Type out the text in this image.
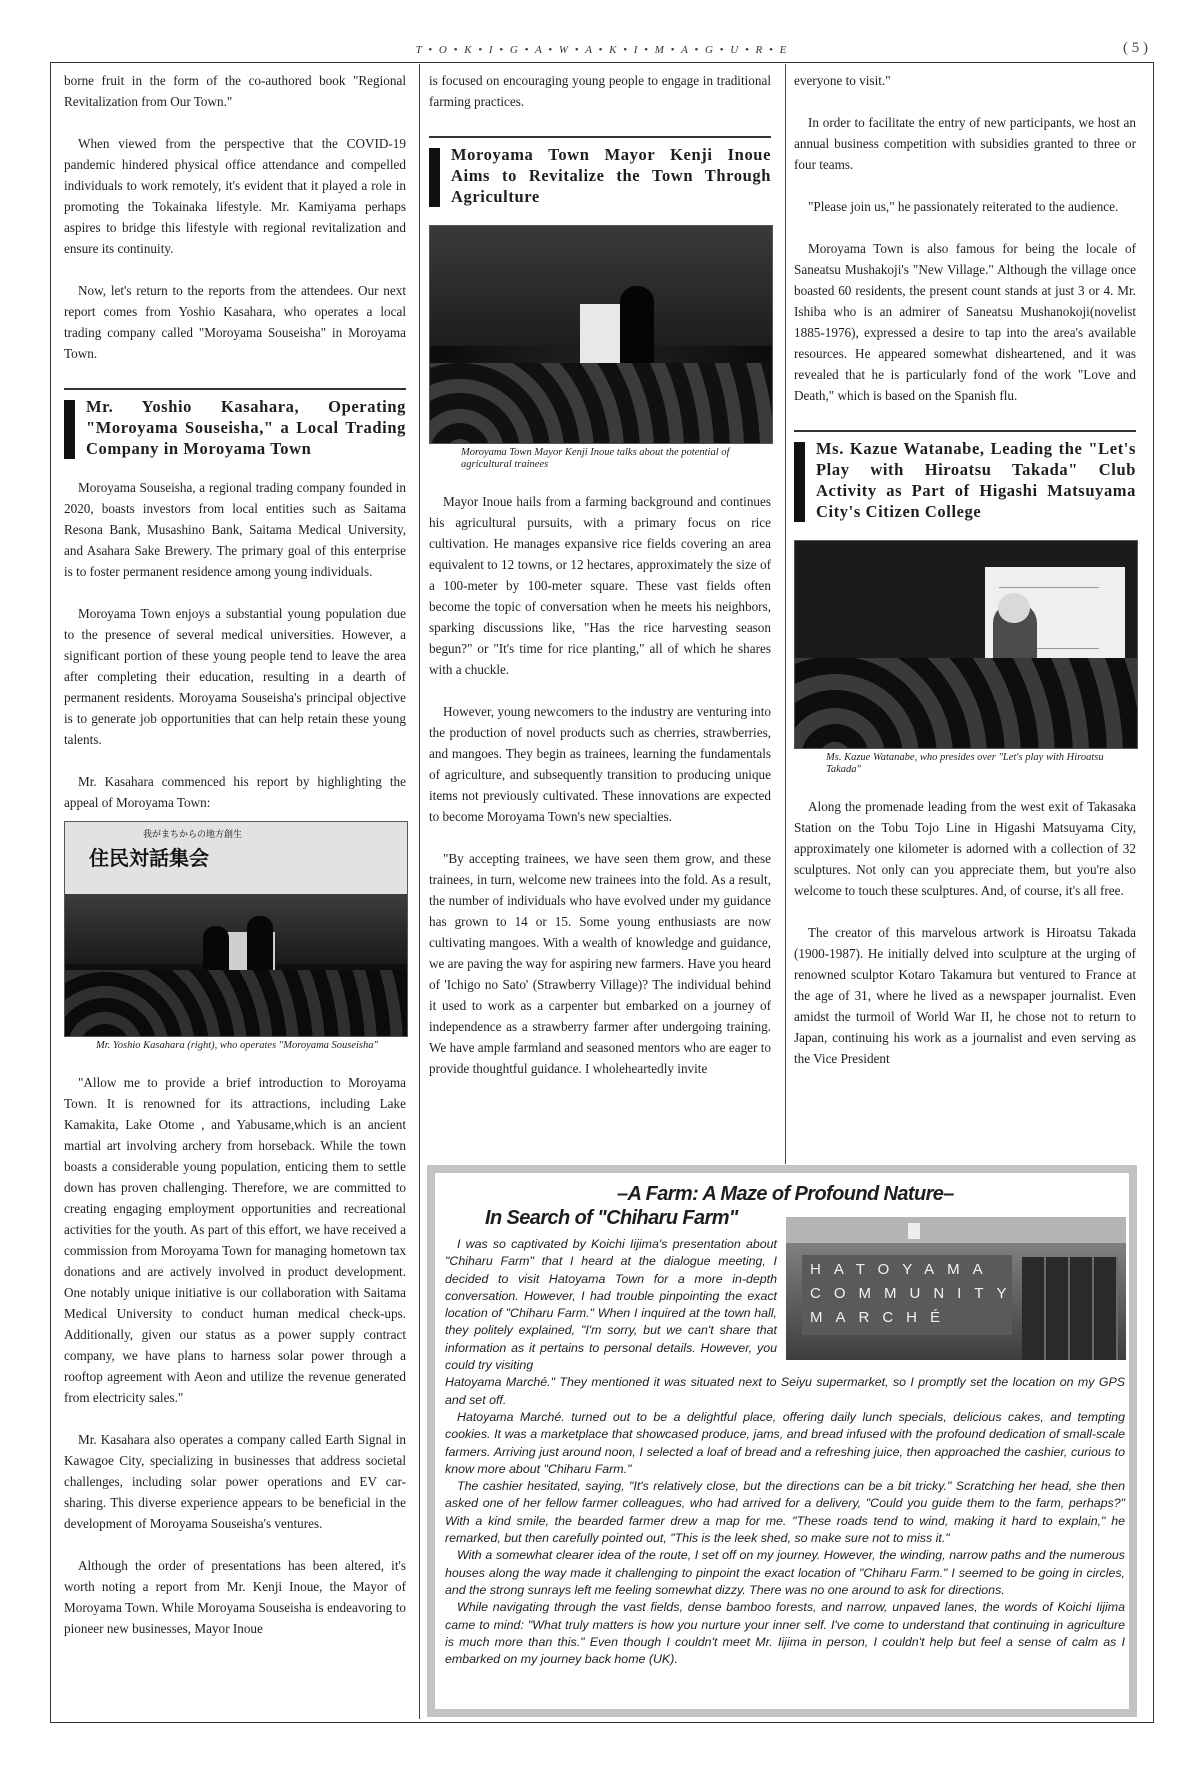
T • O • K • I • G • A • W • A • K • I • M • A • G • U • R • E	( 5 )

borne fruit in the form of the co-authored book "Regional Revitalization from Our Town."

When viewed from the perspective that the COVID-19 pandemic hindered physical office attendance and compelled individuals to work remotely, it's evident that it played a role in promoting the Tokainaka lifestyle. Mr. Kamiyama perhaps aspires to bridge this lifestyle with regional revitalization and ensure its continuity.

Now, let's return to the reports from the attendees. Our next report comes from Yoshio Kasahara, who operates a local trading company called "Moroyama Souseisha" in Moroyama Town.

Mr. Yoshio Kasahara, Operating "Moroyama Souseisha," a Local Trading Company in Moroyama Town

Moroyama Souseisha, a regional trading company founded in 2020, boasts investors from local entities such as Saitama Resona Bank, Musashino Bank, Saitama Medical University, and Asahara Sake Brewery. The primary goal of this enterprise is to foster permanent residence among young individuals.

Moroyama Town enjoys a substantial young population due to the presence of several medical universities. However, a significant portion of these young people tend to leave the area after completing their education, resulting in a dearth of permanent residents. Moroyama Souseisha's principal objective is to generate job opportunities that can help retain these young talents.

Mr. Kasahara commenced his report by highlighting the appeal of Moroyama Town:

我がまちからの地方創生
住民対話集会
Mr. Yoshio Kasahara (right), who operates "Moroyama Souseisha"

"Allow me to provide a brief introduction to Moroyama Town. It is renowned for its attractions, including Lake Kamakita, Lake Otome , and Yabusame,which is an ancient martial art involving archery from horseback. While the town boasts a considerable young population, enticing them to settle down has proven challenging. Therefore, we are committed to creating engaging employment opportunities and recreational activities for the youth. As part of this effort, we have received a commission from Moroyama Town for managing hometown tax donations and are actively involved in product development. One notably unique initiative is our collaboration with Saitama Medical University to conduct human medical check-ups. Additionally, given our status as a power supply contract company, we have plans to harness solar power through a rooftop agreement with Aeon and utilize the revenue generated from electricity sales."

Mr. Kasahara also operates a company called Earth Signal in Kawagoe City, specializing in businesses that address societal challenges, including solar power operations and EV car-sharing. This diverse experience appears to be beneficial in the development of Moroyama Souseisha's ventures.

Although the order of presentations has been altered, it's worth noting a report from Mr. Kenji Inoue, the Mayor of Moroyama Town. While Moroyama Souseisha is endeavoring to pioneer new businesses, Mayor Inoue

is focused on encouraging young people to engage in traditional farming practices.

Moroyama Town Mayor Kenji Inoue Aims to Revitalize the Town Through Agriculture
Moroyama Town Mayor Kenji Inoue talks about the potential of agricultural trainees

Mayor Inoue hails from a farming background and continues his agricultural pursuits, with a primary focus on rice cultivation. He manages expansive rice fields covering an area equivalent to 12 towns, or 12 hectares, approximately the size of a 100-meter by 100-meter square. These vast fields often become the topic of conversation when he meets his neighbors, sparking discussions like, "Has the rice harvesting season begun?" or "It's time for rice planting," all of which he shares with a chuckle.

However, young newcomers to the industry are venturing into the production of novel products such as cherries, strawberries, and mangoes. They begin as trainees, learning the fundamentals of agriculture, and subsequently transition to producing unique items not previously cultivated. These innovations are expected to become Moroyama Town's new specialties.

"By accepting trainees, we have seen them grow, and these trainees, in turn, welcome new trainees into the fold. As a result, the number of individuals who have evolved under my guidance has grown to 14 or 15. Some young enthusiasts are now cultivating mangoes. With a wealth of knowledge and guidance, we are paving the way for aspiring new farmers. Have you heard of 'Ichigo no Sato' (Strawberry Village)? The individual behind it used to work as a carpenter but embarked on a journey of independence as a strawberry farmer after undergoing training. We have ample farmland and seasoned mentors who are eager to provide thoughtful guidance. I wholeheartedly invite

everyone to visit."

In order to facilitate the entry of new participants, we host an annual business competition with subsidies granted to three or four teams.

"Please join us," he passionately reiterated to the audience.

Moroyama Town is also famous for being the locale of Saneatsu Mushakoji's "New Village." Although the village once boasted 60 residents, the present count stands at just 3 or 4. Mr. Ishiba who is an admirer of Saneatsu Mushanokoji(novelist 1885-1976), expressed a desire to tap into the area's available resources. He appeared somewhat disheartened, and it was revealed that he is particularly fond of the work "Love and Death," which is based on the Spanish flu.

Ms. Kazue Watanabe, Leading the "Let's Play with Hiroatsu Takada" Club Activity as Part of Higashi Matsuyama City's Citizen College
Ms. Kazue Watanabe, who presides over "Let's play with Hiroatsu Takada"

Along the promenade leading from the west exit of Takasaka Station on the Tobu Tojo Line in Higashi Matsuyama City, approximately one kilometer is adorned with a collection of 32 sculptures. Not only can you appreciate them, but you're also welcome to touch these sculptures. And, of course, it's all free.

The creator of this marvelous artwork is Hiroatsu Takada (1900-1987). He initially delved into sculpture at the urging of renowned sculptor Kotaro Takamura but ventured to France at the age of 31, where he lived as a newspaper journalist. Even amidst the turmoil of World War II, he chose not to return to Japan, continuing his work as a journalist and even serving as the Vice President

–A Farm: A Maze of Profound Nature–
In Search of "Chiharu Farm"
HATOYAMA
COMMUNITY
MARCHÉ

I was so captivated by Koichi Iijima's presentation about "Chiharu Farm" that I heard at the dialogue meeting, I decided to visit Hatoyama Town for a more in-depth conversation. However, I had trouble pinpointing the exact location of "Chiharu Farm." When I inquired at the town hall, they politely explained, "I'm sorry, but we can't share that information as it pertains to personal details. However, you could try visiting

Hatoyama Marché." They mentioned it was situated next to Seiyu supermarket, so I promptly set the location on my GPS and set off.

Hatoyama Marché. turned out to be a delightful place, offering daily lunch specials, delicious cakes, and tempting cookies. It was a marketplace that showcased produce, jams, and bread infused with the profound dedication of small-scale farmers. Arriving just around noon, I selected a loaf of bread and a refreshing juice, then approached the cashier, curious to know more about "Chiharu Farm."

The cashier hesitated, saying, "It's relatively close, but the directions can be a bit tricky." Scratching her head, she then asked one of her fellow farmer colleagues, who had arrived for a delivery, "Could you guide them to the farm, perhaps?" With a kind smile, the bearded farmer drew a map for me. "These roads tend to wind, making it hard to explain," he remarked, but then carefully pointed out, "This is the leek shed, so make sure not to miss it."

With a somewhat clearer idea of the route, I set off on my journey. However, the winding, narrow paths and the numerous houses along the way made it challenging to pinpoint the exact location of "Chiharu Farm." I seemed to be going in circles, and the strong sunrays left me feeling somewhat dizzy. There was no one around to ask for directions.

While navigating through the vast fields, dense bamboo forests, and narrow, unpaved lanes, the words of Koichi Iijima came to mind: "What truly matters is how you nurture your inner self. I've come to understand that continuing in agriculture is much more than this." Even though I couldn't meet Mr. Iijima in person, I couldn't help but feel a sense of calm as I embarked on my journey back home (UK).
